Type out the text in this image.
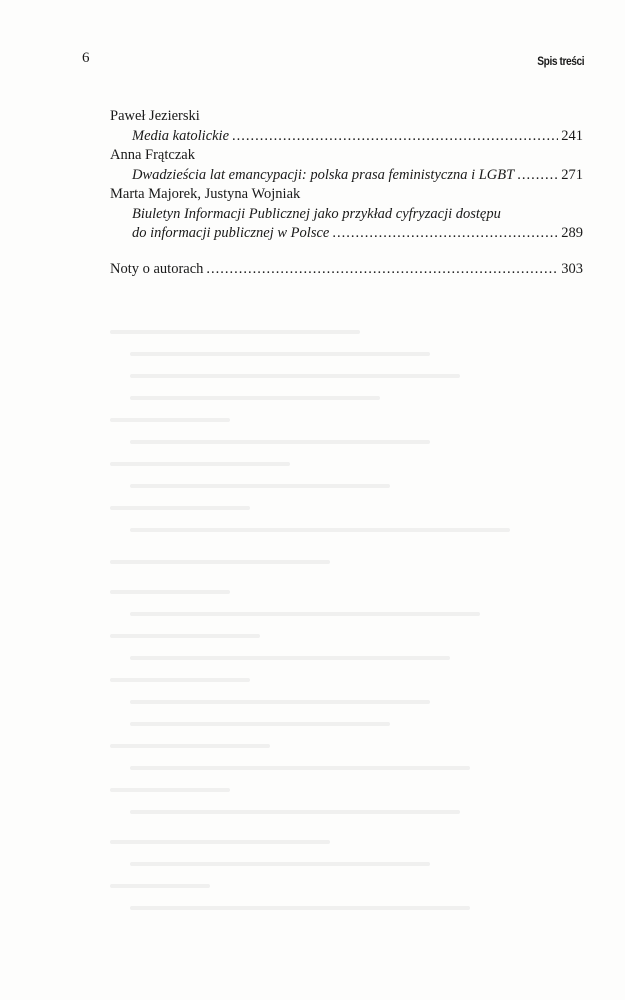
6	Spis treści
Paweł Jezierski
Media katolickie .....	241
Anna Frątczak
Dwadzieścia lat emancypacji: polska prasa feministyczna i LGBT .....	271
Marta Majorek, Justyna Wojniak
Biuletyn Informacji Publicznej jako przykład cyfryzacji dostępu
do informacji publicznej w Polsce .....	289
Noty o autorach .....	303
